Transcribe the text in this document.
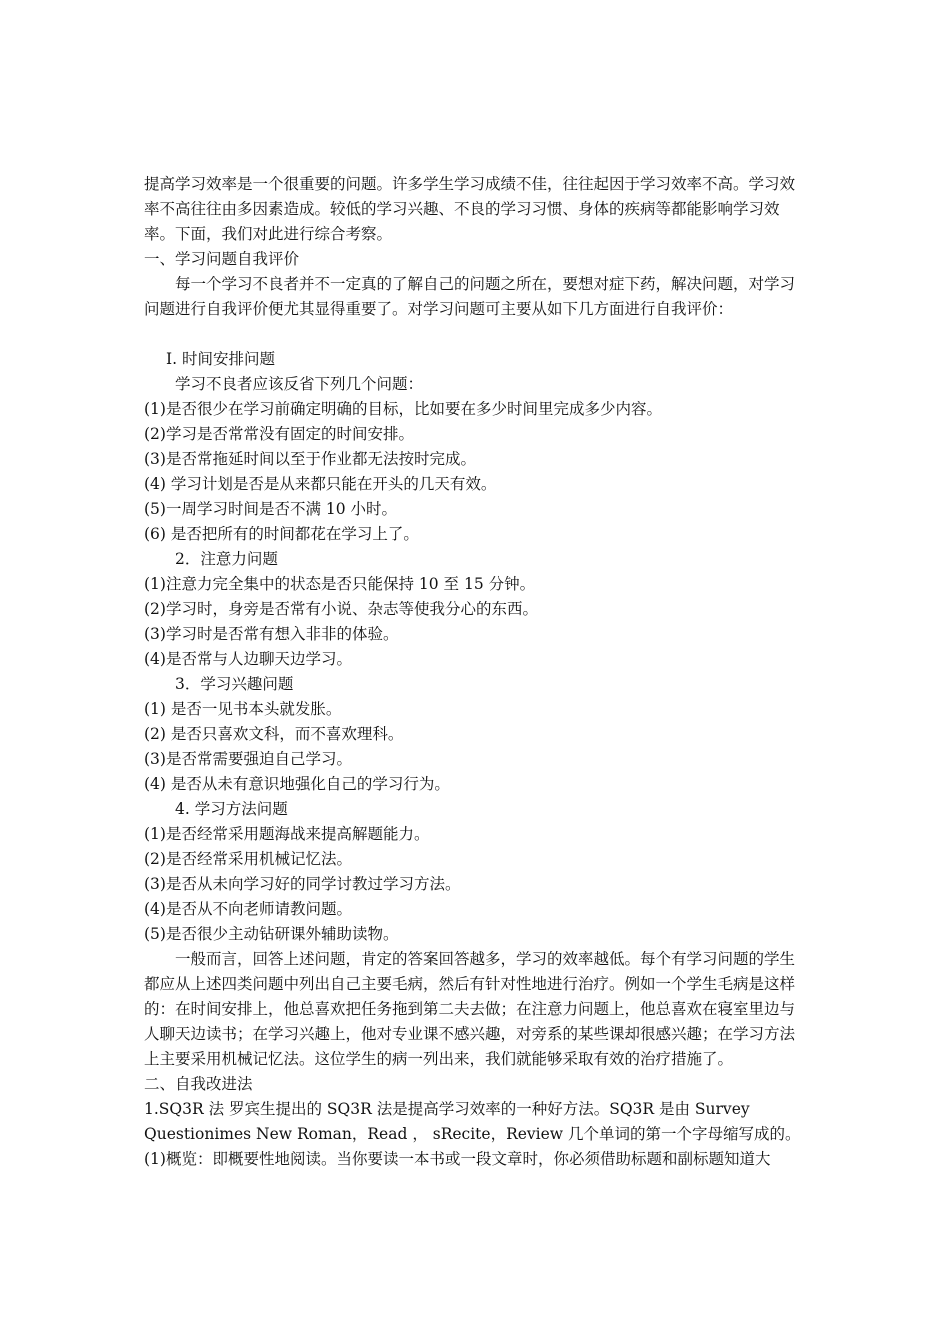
提高学习效率是一个很重要的问题。许多学生学习成绩不佳，往往起因于学习效率不高。学习效率不高往往由多因素造成。较低的学习兴趣、不良的学习习惯、身体的疾病等都能影响学习效率。下面，我们对此进行综合考察。

一、学习问题自我评价

每一个学习不良者并不一定真的了解自己的问题之所在，要想对症下药，解决问题，对学习问题进行自我评价便尤其显得重要了。对学习问题可主要从如下几方面进行自我评价：

I. 时间安排问题

学习不良者应该反省下列几个问题：

(1)是否很少在学习前确定明确的目标，比如要在多少时间里完成多少内容。

(2)学习是否常常没有固定的时间安排。

(3)是否常拖延时间以至于作业都无法按时完成。

(4) 学习计划是否是从来都只能在开头的几天有效。

(5)一周学习时间是否不满 10 小时。

(6) 是否把所有的时间都花在学习上了。

2．注意力问题

(1)注意力完全集中的状态是否只能保持 10 至 15 分钟。

(2)学习时，身旁是否常有小说、杂志等使我分心的东西。

(3)学习时是否常有想入非非的体验。

(4)是否常与人边聊天边学习。

3．学习兴趣问题

(1) 是否一见书本头就发胀。

(2) 是否只喜欢文科，而不喜欢理科。

(3)是否常需要强迫自己学习。

(4) 是否从未有意识地强化自己的学习行为。

4. 学习方法问题

(1)是否经常采用题海战来提高解题能力。

(2)是否经常采用机械记忆法。

(3)是否从未向学习好的同学讨教过学习方法。

(4)是否从不向老师请教问题。

(5)是否很少主动钻研课外辅助读物。

一般而言，回答上述问题，肯定的答案回答越多，学习的效率越低。每个有学习问题的学生都应从上述四类问题中列出自己主要毛病，然后有针对性地进行治疗。例如一个学生毛病是这样的：在时间安排上，他总喜欢把任务拖到第二夫去做；在注意力问题上，他总喜欢在寝室里边与人聊天边读书；在学习兴趣上，他对专业课不感兴趣，对旁系的某些课却很感兴趣；在学习方法上主要采用机械记忆法。这位学生的病一列出来，我们就能够采取有效的治疗措施了。

二、自我改进法

1.SQ3R 法 罗宾生提出的 SQ3R 法是提高学习效率的一种好方法。SQ3R 是由 Survey Questionimes New Roman，Read ， sRecite，Review 几个单词的第一个字母缩写成的。

(1)概览：即概要性地阅读。当你要读一本书或一段文章时，你必须借助标题和副标题知道大
